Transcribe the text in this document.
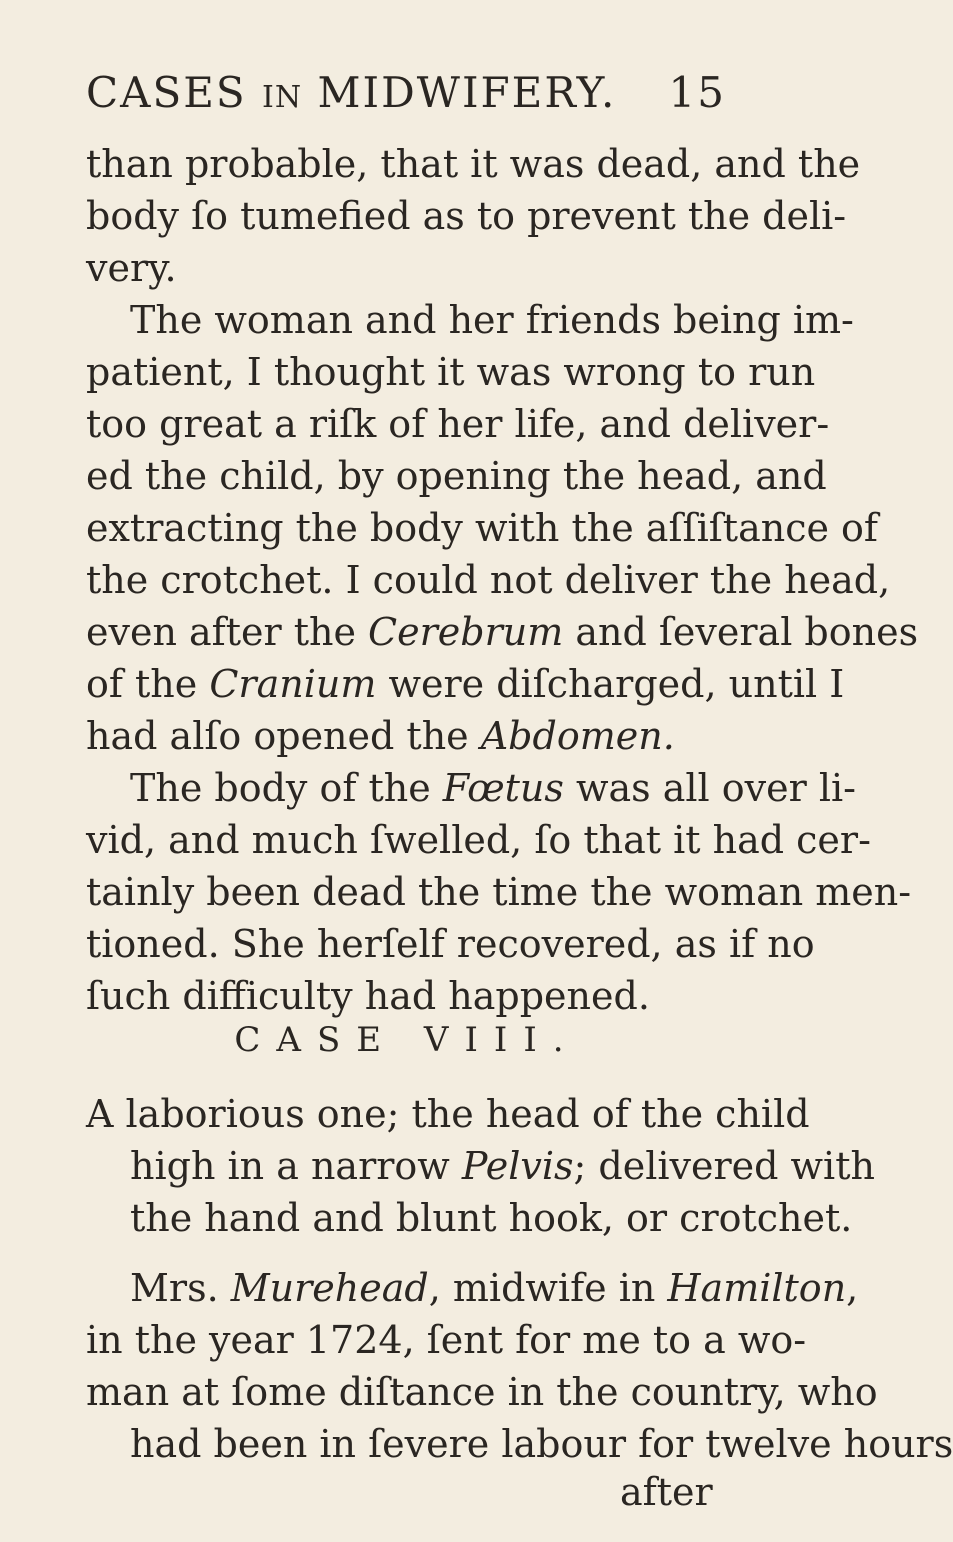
CASES IN MIDWIFERY. 15
than probable, that it was dead, and the
body ſo tumefied as to prevent the deli-
very.
The woman and her friends being im-
patient, I thought it was wrong to run
too great a riſk of her life, and deliver-
ed the child, by opening the head, and
extracting the body with the aſſiſtance of
the crotchet. I could not deliver the head,
even after the Cerebrum and ſeveral bones
of the Cranium were diſcharged, until I
had alſo opened the Abdomen.
The body of the Fœtus was all over li-
vid, and much ſwelled, ſo that it had cer-
tainly been dead the time the woman men-
tioned. She herſelf recovered, as if no
ſuch difficulty had happened.
A laborious one; the head of the child
high in a narrow Pelvis; delivered with
the hand and blunt hook, or crotchet.
Mrs. Murehead, midwife in Hamilton,
in the year 1724, ſent for me to a wo-
man at ſome diſtance in the country, who
had been in ſevere labour for twelve hours
CASE VIII.
after
